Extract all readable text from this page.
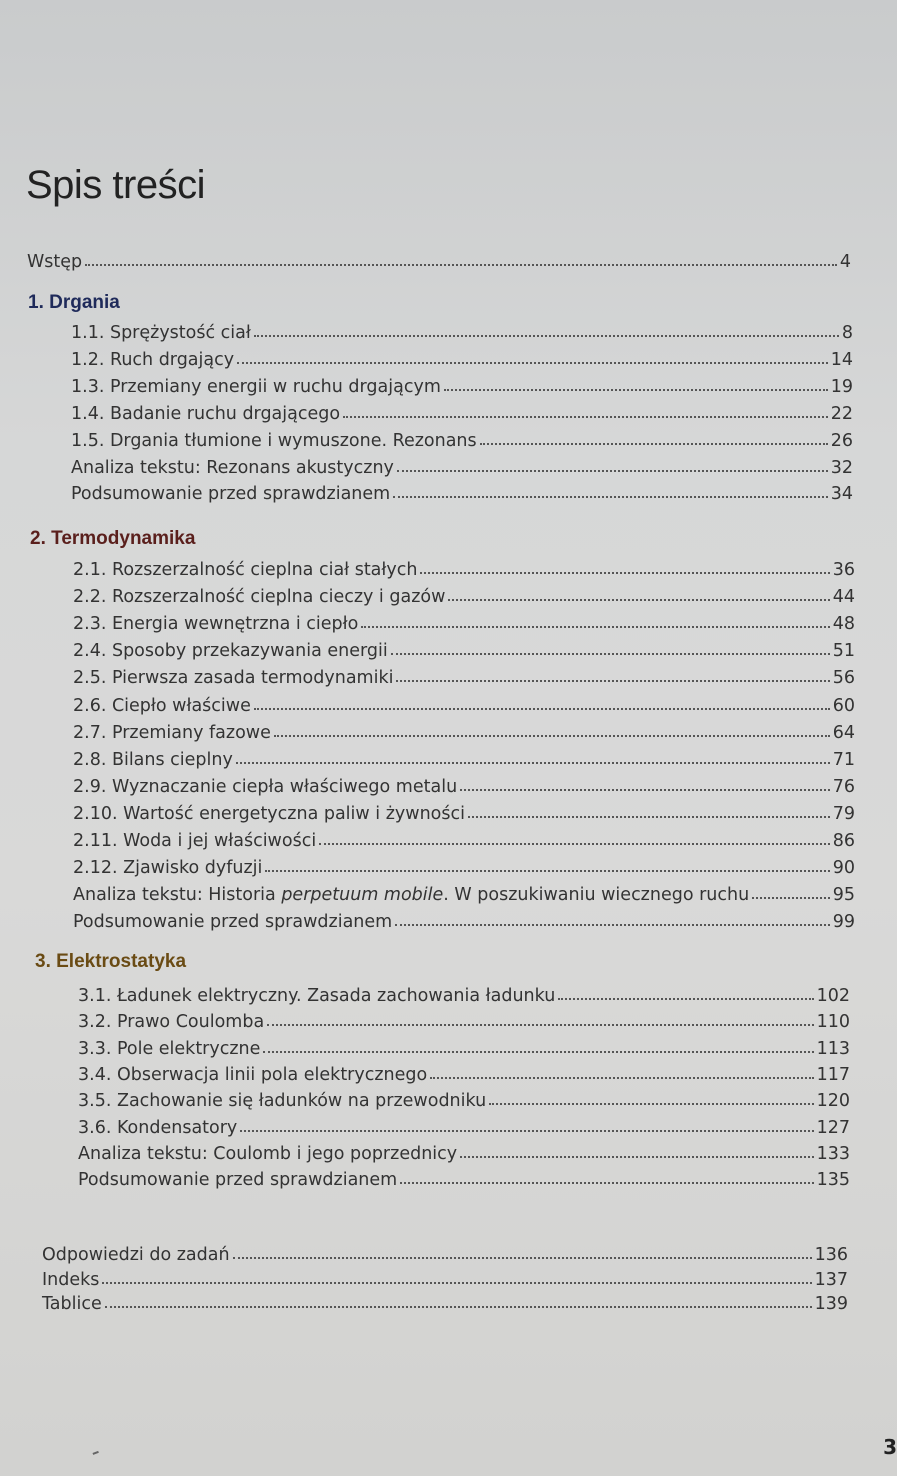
Spis treści
Wstęp	4
1. Drgania
1.1. Sprężystość ciał	8
1.2. Ruch drgający	14
1.3. Przemiany energii w ruchu drgającym	19
1.4. Badanie ruchu drgającego	22
1.5. Drgania tłumione i wymuszone. Rezonans	26
Analiza tekstu: Rezonans akustyczny	32
Podsumowanie przed sprawdzianem	34
2. Termodynamika
2.1. Rozszerzalność cieplna ciał stałych	36
2.2. Rozszerzalność cieplna cieczy i gazów	44
2.3. Energia wewnętrzna i ciepło	48
2.4. Sposoby przekazywania energii	51
2.5. Pierwsza zasada termodynamiki	56
2.6. Ciepło właściwe	60
2.7. Przemiany fazowe	64
2.8. Bilans cieplny	71
2.9. Wyznaczanie ciepła właściwego metalu	76
2.10. Wartość energetyczna paliw i żywności	79
2.11. Woda i jej właściwości	86
2.12. Zjawisko dyfuzji	90
Analiza tekstu: Historia perpetuum mobile. W poszukiwaniu wiecznego ruchu	95
Podsumowanie przed sprawdzianem	99
3. Elektrostatyka
3.1. Ładunek elektryczny. Zasada zachowania ładunku	102
3.2. Prawo Coulomba	110
3.3. Pole elektryczne	113
3.4. Obserwacja linii pola elektrycznego	117
3.5. Zachowanie się ładunków na przewodniku	120
3.6. Kondensatory	127
Analiza tekstu: Coulomb i jego poprzednicy	133
Podsumowanie przed sprawdzianem	135
Odpowiedzi do zadań	136
Indeks	137
Tablice	139
3
